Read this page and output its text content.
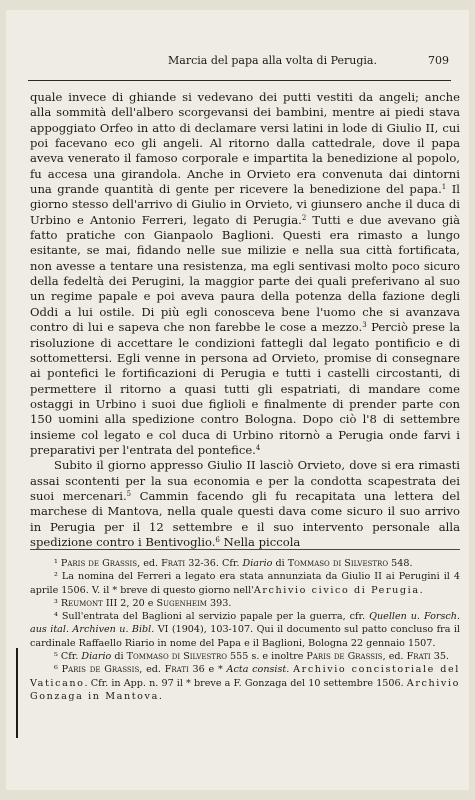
Marcia del papa alla volta di Perugia.	709

quale invece di ghiande si vedevano dei putti vestiti da angeli; anche alla sommità dell'albero scorgevansi dei bambini, mentre ai piedi stava appoggiato Orfeo in atto di declamare versi latini in lode di Giulio II, cui poi facevano eco gli angeli. Al ritorno dalla cattedrale, dove il papa aveva venerato il famoso corporale e impartita la benedizione al popolo, fu accesa una girandola. Anche in Orvieto era convenuta dai dintorni una grande quantità di gente per ricevere la benedizione del papa.$^1$ Il giorno stesso dell'arrivo di Giulio in Orvieto, vi giunsero anche il duca di Urbino e Antonio Ferreri, legato di Perugia.$^2$ Tutti e due avevano già fatto pratiche con Gianpaolo Baglioni. Questi era rimasto a lungo esitante, se mai, fidando nelle sue milizie e nella sua città fortificata, non avesse a tentare una resistenza, ma egli sentivasi molto poco sicuro della fedeltà dei Perugini, la maggior parte dei quali preferivano al suo un regime papale e poi aveva paura della potenza della fazione degli Oddi a lui ostile. Di più egli conosceva bene l'uomo che si avanzava contro di lui e sapeva che non farebbe le cose a mezzo.$^3$ Perciò prese la risoluzione di accettare le condizioni fattegli dal legato pontificio e di sottomettersi. Egli venne in persona ad Orvieto, promise di consegnare ai pontefici le fortificazioni di Perugia e tutti i castelli circostanti, di permettere il ritorno a quasi tutti gli espatriati, di mandare come ostaggi in Urbino i suoi due figlioli e finalmente di prender parte con 150 uomini alla spedizione contro Bologna. Dopo ciò l'8 di settembre insieme col legato e col duca di Urbino ritornò a Perugia onde farvi i preparativi per l'entrata del pontefice.$^4$

Subito il giorno appresso Giulio II lasciò Orvieto, dove si era rimasti assai scontenti per la sua economia e per la condotta scapestrata dei suoi mercenari.$^5$ Cammin facendo gli fu recapitata una lettera del marchese di Mantova, nella quale questi dava come sicuro il suo arrivo in Perugia per il 12 settembre e il suo intervento personale alla spedizione contro i Bentivoglio.$^6$ Nella piccola

¹ Paris de Grassis, ed. Frati 32-36. Cfr. Diario di Tommaso di Silvestro 548.
² La nomina del Ferreri a legato era stata annunziata da Giulio II ai Perugini il 4 aprile 1506. V. il * breve di questo giorno nell'Archivio civico di Perugia.
³ Reumont III 2, 20 e Sugenheim 393.
⁴ Sull'entrata del Baglioni al servizio papale per la guerra, cfr. Quellen u. Forsch. aus ital. Archiven u. Bibl. VI (1904), 103-107. Qui il documento sul patto concluso fra il cardinale Raffaello Riario in nome del Papa e il Baglioni, Bologna 22 gennaio 1507.
⁵ Cfr. Diario di Tommaso di Silvestro 555 s. e inoltre Paris de Grassis, ed. Frati 35.
⁶ Paris de Grassis, ed. Frati 36 e * Acta consist. Archivio concistoriale del Vaticano. Cfr. in App. n. 97 il * breve a F. Gonzaga del 10 settembre 1506. Archivio Gonzaga in Mantova.
